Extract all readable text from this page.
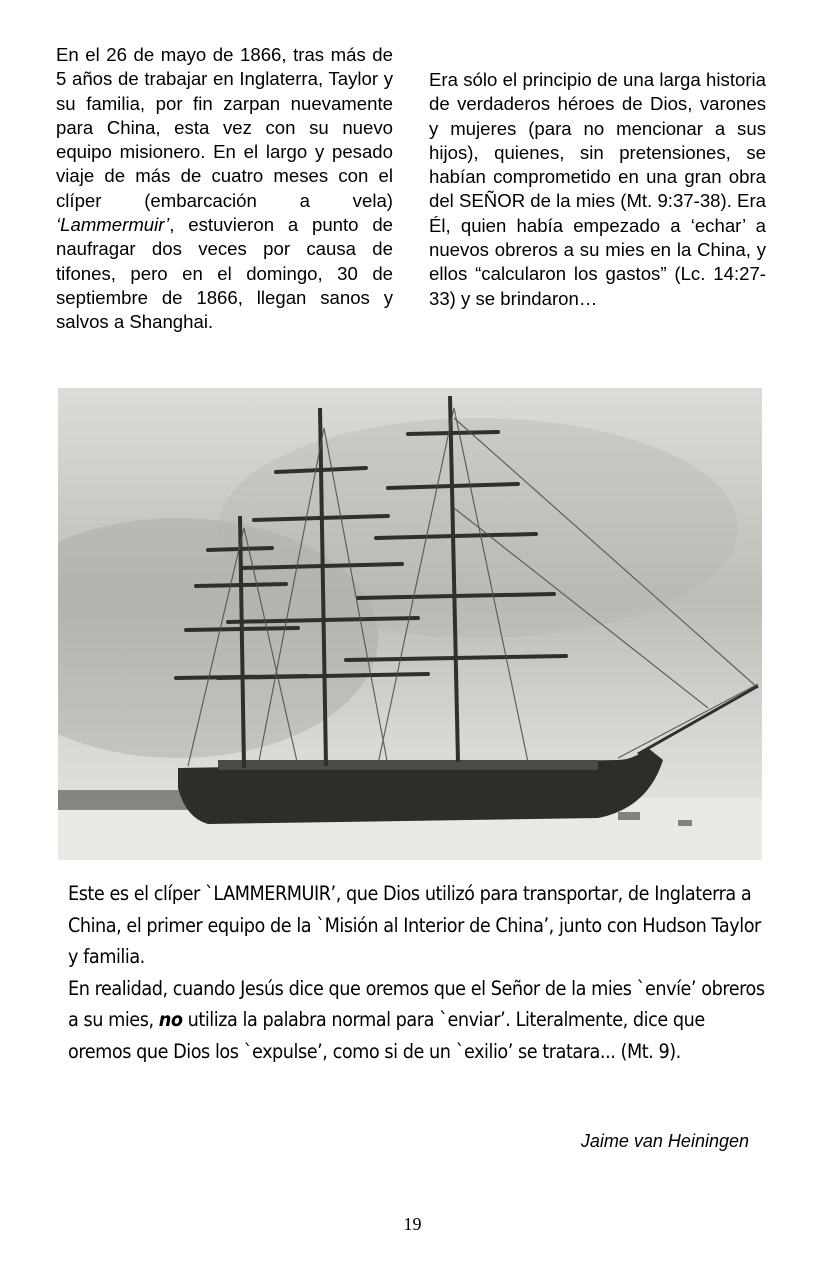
En el 26 de mayo de 1866, tras más de 5 años de trabajar en Inglaterra, Taylor y su familia, por fin zarpan nuevamente para China, esta vez con su nuevo equipo misionero. En el largo y pesado viaje de más de cuatro meses con el clíper (embarcación a vela) ‘Lammermuir’, estuvieron a punto de naufragar dos veces por causa de tifones, pero en el domingo, 30 de septiembre de 1866, llegan sanos y salvos a Shanghai.

Era sólo el principio de una larga historia de verdaderos héroes de Dios, varones y mujeres (para no mencionar a sus hijos), quienes, sin pretensiones, se habían comprometido en una gran obra del SEÑOR de la mies (Mt. 9:37-38). Era Él, quien había empezado a ‘echar’ a nuevos obreros a su mies en la China, y ellos “calcularon los gastos” (Lc. 14:27-33) y se brindaron…

Este es el clíper `LAMMERMUIR’, que Dios utilizó para transportar, de Inglaterra a China, el primer equipo de la `Misión al Interior de China’, junto con Hudson Taylor y familia.

En realidad, cuando Jesús dice que oremos que el Señor de la mies `envíe’ obreros a su mies, no utiliza la palabra normal para `enviar’. Literalmente, dice que oremos que Dios los `expulse’, como si de un `exilio’ se tratara... (Mt. 9).

Jaime van Heiningen
19
